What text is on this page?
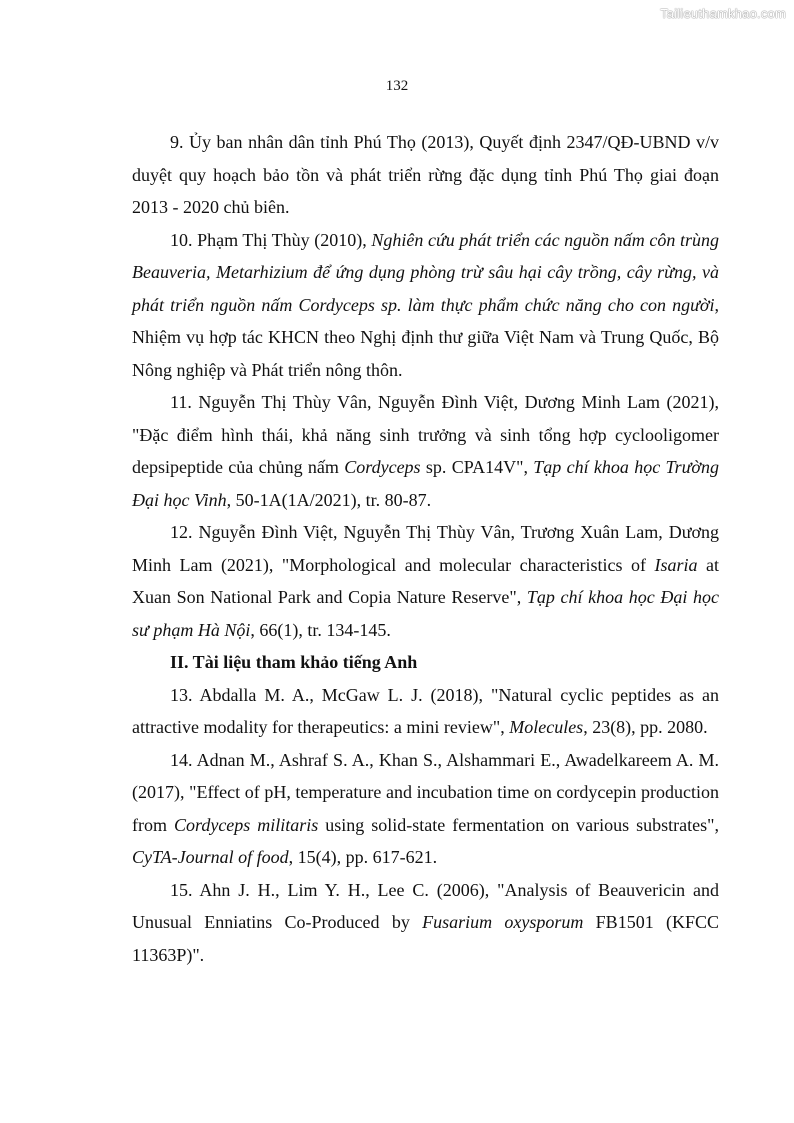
Tailieuthamkhao.com
132

9. Ủy ban nhân dân tỉnh Phú Thọ (2013), Quyết định 2347/QĐ-UBND v/v duyệt quy hoạch bảo tồn và phát triển rừng đặc dụng tỉnh Phú Thọ giai đoạn 2013 - 2020 chủ biên.

10. Phạm Thị Thùy (2010), Nghiên cứu phát triển các nguồn nấm côn trùng Beauveria, Metarhizium để ứng dụng phòng trừ sâu hại cây trồng, cây rừng, và phát triển nguồn nấm Cordyceps sp. làm thực phẩm chức năng cho con người, Nhiệm vụ hợp tác KHCN theo Nghị định thư giữa Việt Nam và Trung Quốc, Bộ Nông nghiệp và Phát triển nông thôn.

11. Nguyễn Thị Thùy Vân, Nguyễn Đình Việt, Dương Minh Lam (2021), "Đặc điểm hình thái, khả năng sinh trưởng và sinh tổng hợp cyclooligomer depsipeptide của chủng nấm Cordyceps sp. CPA14V", Tạp chí khoa học Trường Đại học Vinh, 50-1A(1A/2021), tr. 80-87.

12. Nguyễn Đình Việt, Nguyễn Thị Thùy Vân, Trương Xuân Lam, Dương Minh Lam (2021), "Morphological and molecular characteristics of Isaria at Xuan Son National Park and Copia Nature Reserve", Tạp chí khoa học Đại học sư phạm Hà Nội, 66(1), tr. 134-145.

II. Tài liệu tham khảo tiếng Anh

13. Abdalla M. A., McGaw L. J. (2018), "Natural cyclic peptides as an attractive modality for therapeutics: a mini review", Molecules, 23(8), pp. 2080.

14. Adnan M., Ashraf S. A., Khan S., Alshammari E., Awadelkareem A. M. (2017), "Effect of pH, temperature and incubation time on cordycepin production from Cordyceps militaris using solid-state fermentation on various substrates", CyTA-Journal of food, 15(4), pp. 617-621.

15. Ahn J. H., Lim Y. H., Lee C. (2006), "Analysis of Beauvericin and Unusual Enniatins Co-Produced by Fusarium oxysporum FB1501 (KFCC 11363P)".
